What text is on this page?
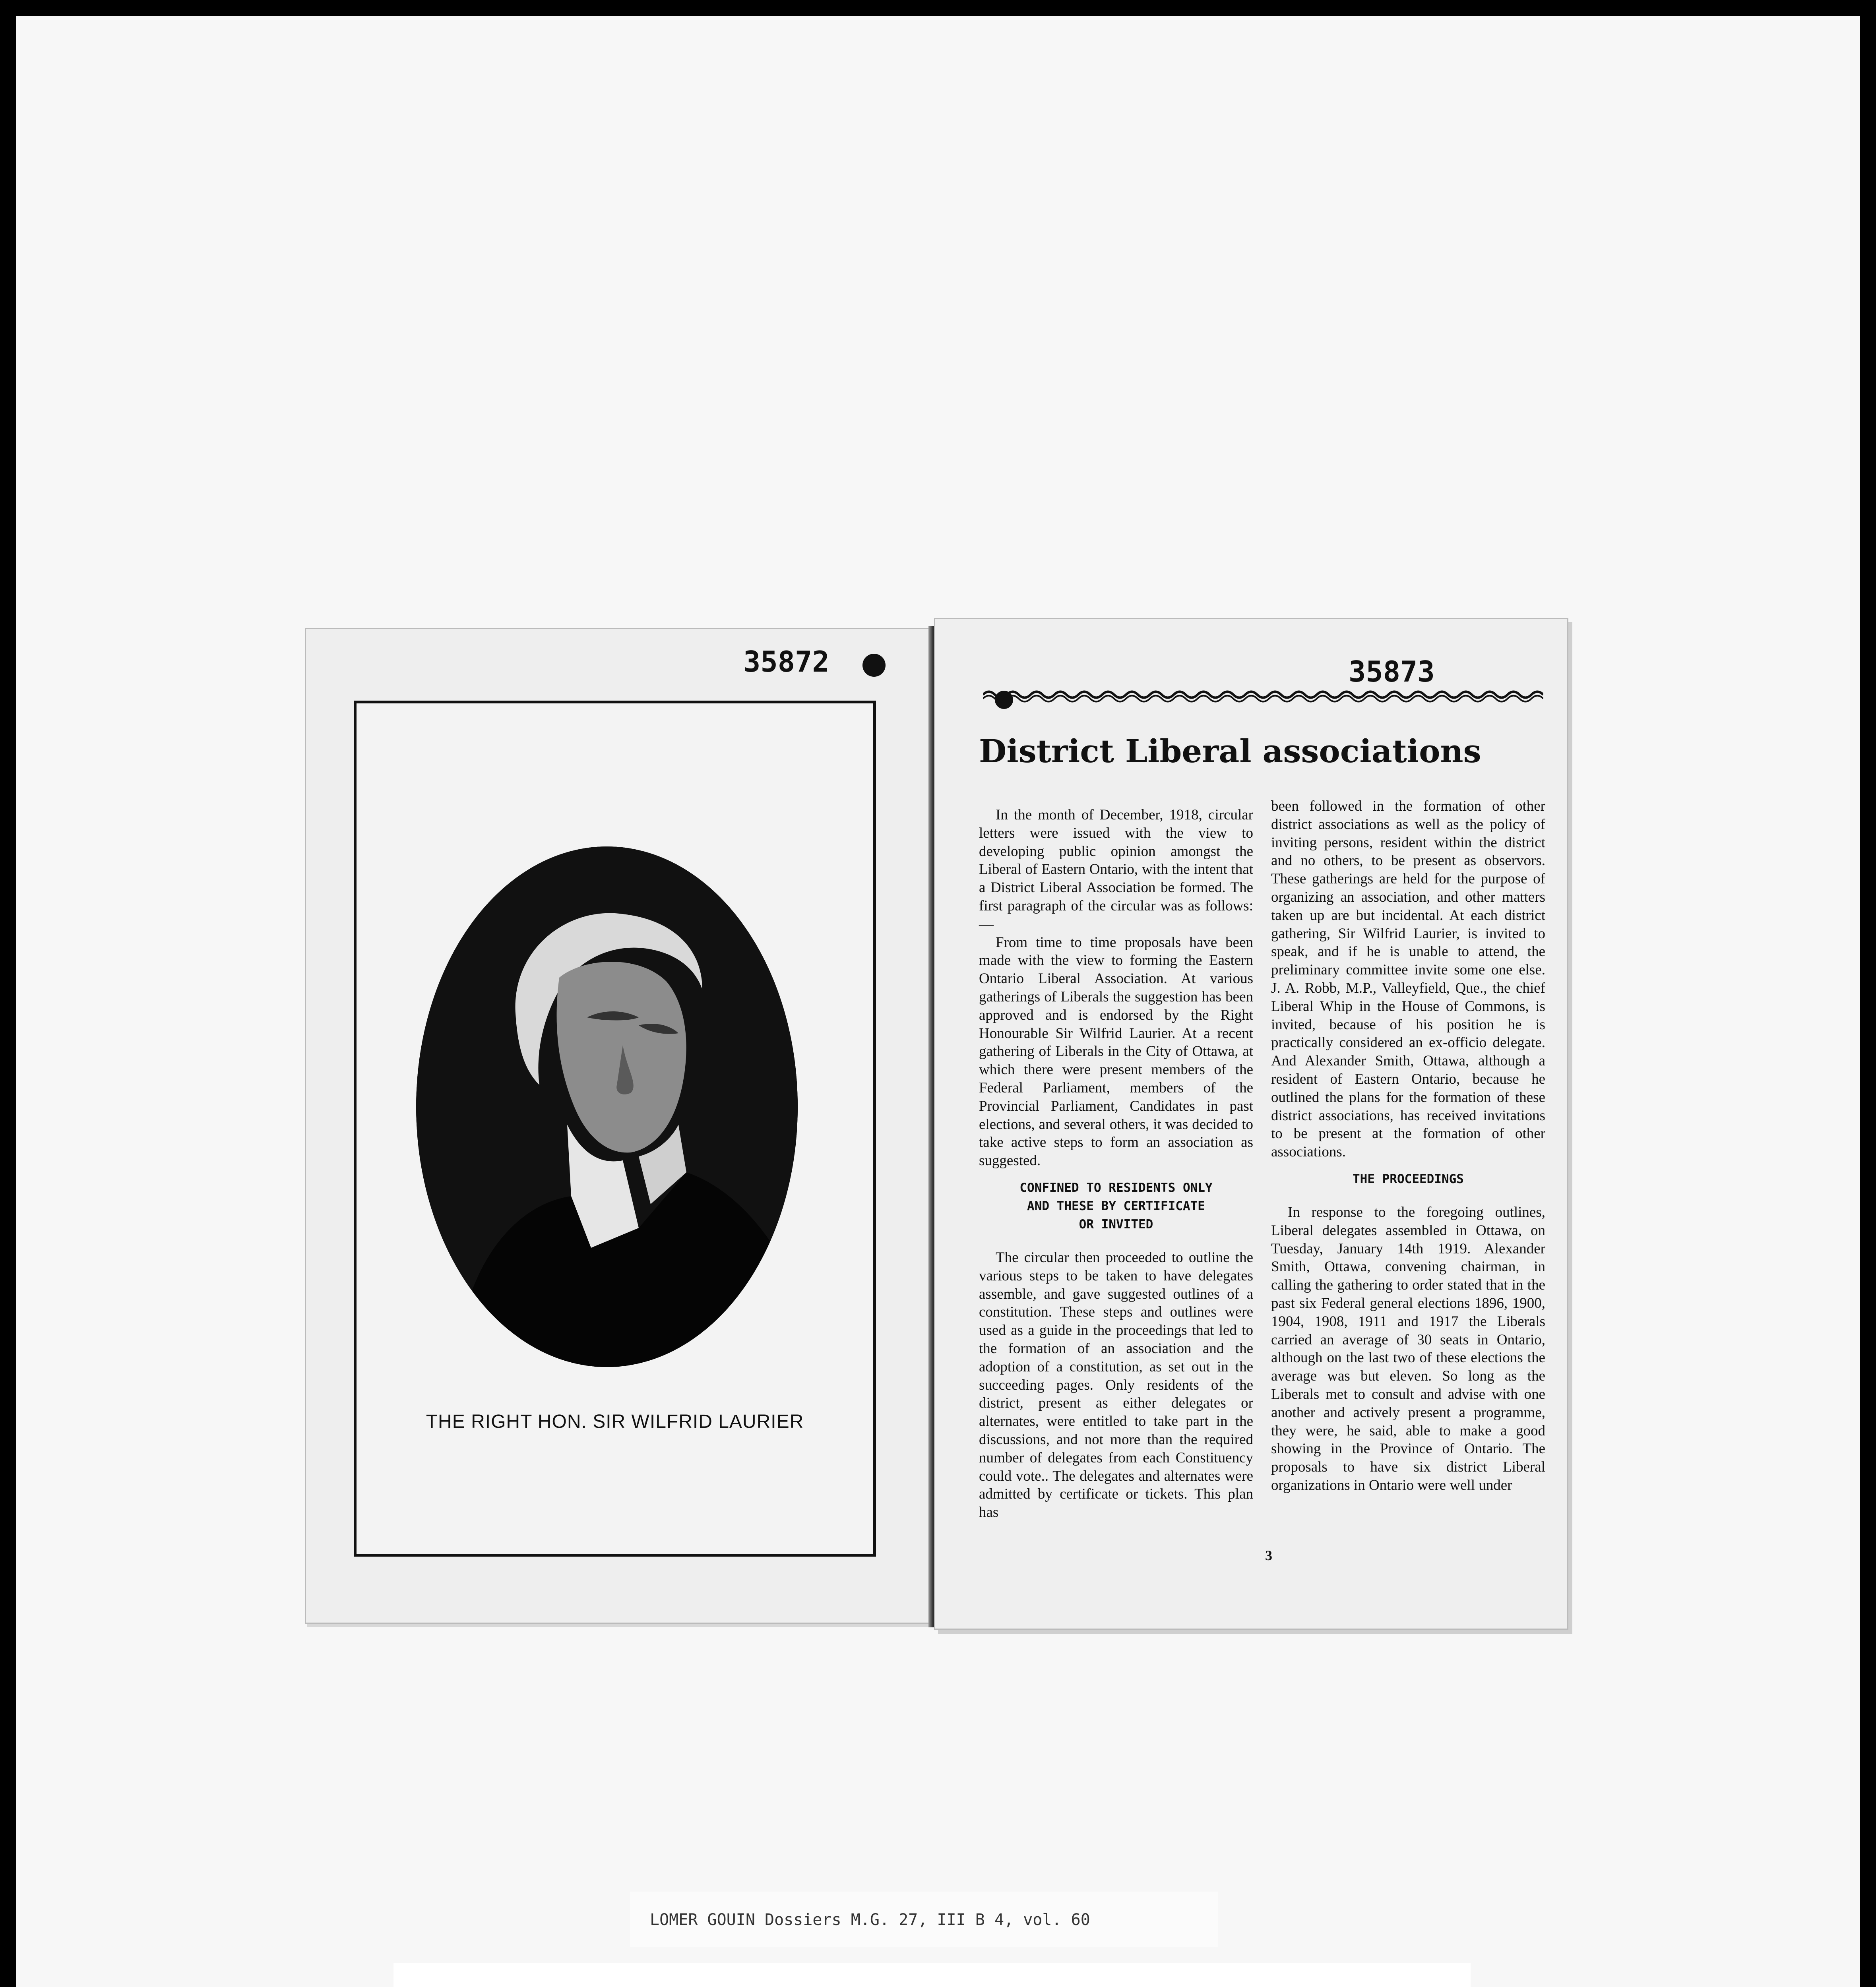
35872
THE RIGHT HON. SIR WILFRID LAURIER
35873
District Liberal associations

In the month of December, 1918, circular letters were issued with the view to developing public opinion amongst the Liberal of Eastern Ontario, with the intent that a District Liberal Association be formed. The first paragraph of the circular was as follows:—

From time to time proposals have been made with the view to forming the Eastern Ontario Liberal Association. At various gatherings of Liberals the suggestion has been approved and is endorsed by the Right Honourable Sir Wilfrid Laurier. At a recent gathering of Liberals in the City of Ottawa, at which there were present members of the Federal Parliament, members of the Provincial Parliament, Candidates in past elections, and several others, it was decided to take active steps to form an association as suggested.

CONFINED TO RESIDENTS ONLY
AND THESE BY CERTIFICATE
OR INVITED

The circular then proceeded to outline the various steps to be taken to have delegates assemble, and gave suggested outlines of a constitution. These steps and outlines were used as a guide in the proceedings that led to the formation of an association and the adoption of a constitution, as set out in the succeeding pages. Only residents of the district, present as either delegates or alternates, were entitled to take part in the discussions, and not more than the required number of delegates from each Constituency could vote.. The delegates and alternates were admitted by certificate or tickets. This plan has

been followed in the formation of other district associations as well as the policy of inviting persons, resident within the district and no others, to be present as observors. These gatherings are held for the purpose of organizing an association, and other matters taken up are but incidental. At each district gathering, Sir Wilfrid Laurier, is invited to speak, and if he is unable to attend, the preliminary committee invite some one else. J. A. Robb, M.P., Valleyfield, Que., the chief Liberal Whip in the House of Commons, is invited, because of his position he is practically considered an ex-officio delegate. And Alexander Smith, Ottawa, although a resident of Eastern Ontario, because he outlined the plans for the formation of these district associations, has received invitations to be present at the formation of other associations.

THE PROCEEDINGS

In response to the foregoing outlines, Liberal delegates assembled in Ottawa, on Tuesday, January 14th 1919. Alexander Smith, Ottawa, convening chairman, in calling the gathering to order stated that in the past six Federal general elections 1896, 1900, 1904, 1908, 1911 and 1917 the Liberals carried an average of 30 seats in Ontario, although on the last two of these elections the average was but eleven. So long as the Liberals met to consult and advise with one another and actively present a programme, they were, he said, able to make a good showing in the Province of Ontario. The proposals to have six district Liberal organizations in Ontario were well under

3
LOMER GOUIN Dossiers M.G. 27, III B 4, vol. 60
